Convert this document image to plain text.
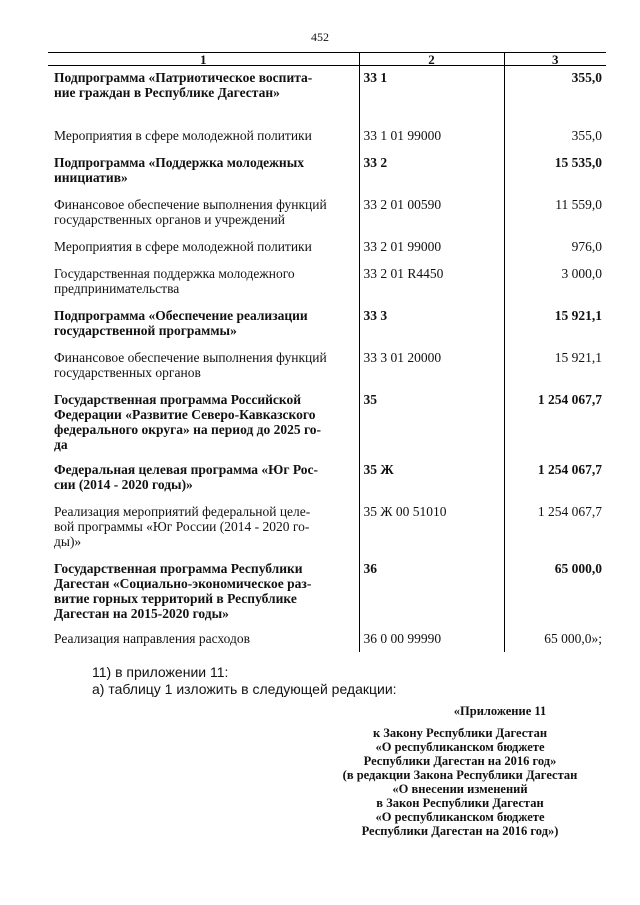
452
1	2	3
Подпрограмма «Патриотическое воспита-
ние граждан в Республике Дагестан»	33 1	355,0
Мероприятия в сфере молодежной политики	33 1 01 99000	355,0
Подпрограмма «Поддержка молодежных
инициатив»	33 2	15 535,0
Финансовое обеспечение выполнения функций
государственных органов и учреждений	33 2 01 00590	11 559,0
Мероприятия в сфере молодежной политики	33 2 01 99000	976,0
Государственная поддержка молодежного
предпринимательства	33 2 01 R4450	3 000,0
Подпрограмма «Обеспечение реализации
государственной программы»	33 3	15 921,1
Финансовое обеспечение выполнения функций
государственных органов	33 3 01 20000	15 921,1
Государственная программа Российской
Федерации «Развитие Северо-Кавказского
федерального округа» на период до 2025 го-
да	35	1 254 067,7
Федеральная целевая программа «Юг Рос-
сии (2014 - 2020 годы)»	35 Ж	1 254 067,7
Реализация мероприятий федеральной целе-
вой программы «Юг России (2014 - 2020 го-
ды)»	35 Ж 00 51010	1 254 067,7
Государственная программа Республики
Дагестан «Социально-экономическое раз-
витие горных территорий в Республике
Дагестан на 2015-2020 годы»	36	65 000,0
Реализация направления расходов	36 0 00 99990	65 000,0»;
11) в приложении 11:
а) таблицу 1 изложить в следующей редакции:
«Приложение 11
к Закону Республики Дагестан
«О республиканском бюджете
Республики Дагестан на 2016 год»
(в редакции Закона Республики Дагестан
«О внесении изменений
в Закон Республики Дагестан
«О республиканском бюджете
Республики Дагестан на 2016 год»)
